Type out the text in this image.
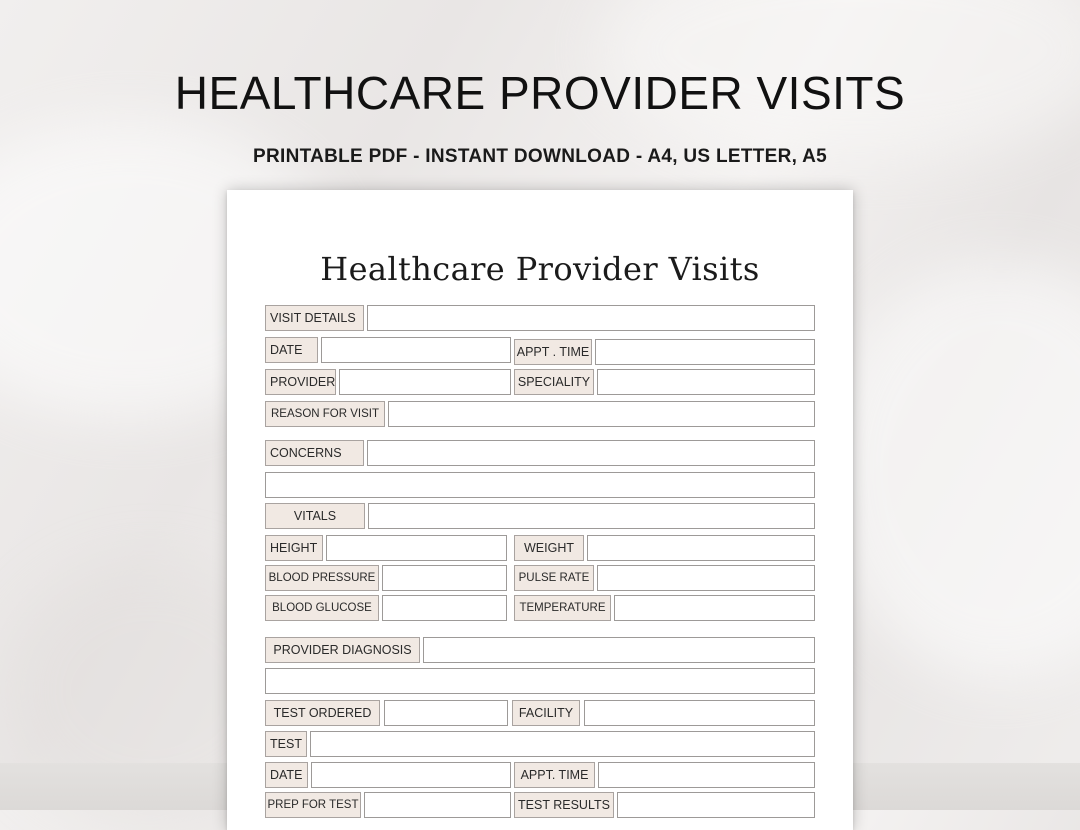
HEALTHCARE PROVIDER VISITS
PRINTABLE PDF - INSTANT DOWNLOAD - A4, US LETTER, A5
Healthcare Provider Visits
VISIT DETAILS
DATE	APPT . TIME
PROVIDER	SPECIALITY
REASON FOR VISIT
CONCERNS
VITALS
HEIGHT	WEIGHT
BLOOD PRESSURE	PULSE RATE
BLOOD GLUCOSE	TEMPERATURE
PROVIDER DIAGNOSIS
TEST ORDERED	FACILITY
TEST
DATE	APPT. TIME
PREP FOR TEST	TEST RESULTS
